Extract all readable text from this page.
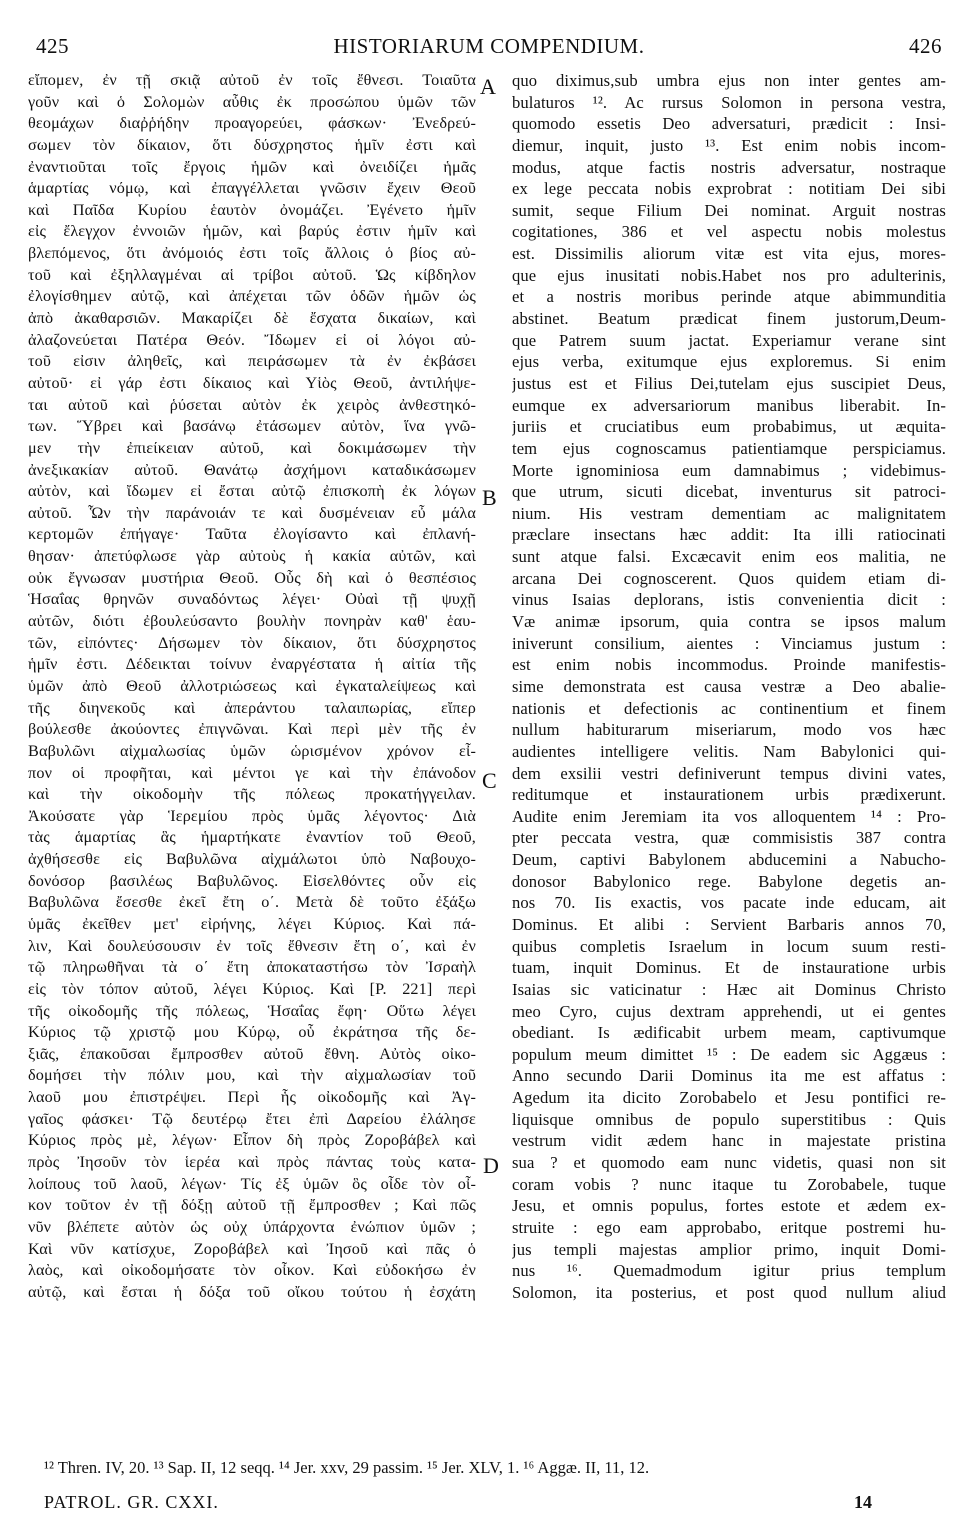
425	HISTORIARUM COMPENDIUM.	426
εἴπομεν, ἐν τῇ σκιᾷ αὐτοῦ ἐν τοῖς ἔθνεσι. Τοιαῦτα
γοῦν καὶ ὁ Σολομὼν αὖθις ἐκ προσώπου ὑμῶν τῶν
θεομάχων διαῤῥήδην προαγορεύει, φάσκων· Ἐνεδρεύ-
σωμεν τὸν δίκαιον, ὅτι δύσχρηστος ἡμῖν ἐστι καὶ
ἐναντιοῦται τοῖς ἔργοις ἡμῶν καὶ ὀνειδίζει ἡμᾶς
ἁμαρτίας νόμῳ, καὶ ἐπαγγέλλεται γνῶσιν ἔχειν Θεοῦ
καὶ Παῖδα Κυρίου ἑαυτὸν ὀνομάζει. Ἐγένετο ἡμῖν
εἰς ἔλεγχον ἐννοιῶν ἡμῶν, καὶ βαρύς ἐστιν ἡμῖν καὶ
βλεπόμενος, ὅτι ἀνόμοιός ἐστι τοῖς ἄλλοις ὁ βίος αὐ-
τοῦ καὶ ἐξηλλαγμέναι αἱ τρίβοι αὐτοῦ. Ὡς κίβδηλον
ἐλογίσθημεν αὐτῷ, καὶ ἀπέχεται τῶν ὁδῶν ἡμῶν ὡς
ἀπὸ ἀκαθαρσιῶν. Μακαρίζει δὲ ἔσχατα δικαίων, καὶ
ἀλαζονεύεται Πατέρα Θεόν. Ἴδωμεν εἰ οἱ λόγοι αὐ-
τοῦ εἰσιν ἀληθεῖς, καὶ πειράσωμεν τὰ ἐν ἐκβάσει
αὐτοῦ· εἰ γάρ ἐστι δίκαιος καὶ Υἱὸς Θεοῦ, ἀντιλήψε-
ται αὐτοῦ καὶ ῥύσεται αὐτὸν ἐκ χειρὸς ἀνθεστηκό-
των. Ὕβρει καὶ βασάνῳ ἐτάσωμεν αὐτὸν, ἵνα γνῶ-
μεν τὴν ἐπιείκειαν αὐτοῦ, καὶ δοκιμάσωμεν τὴν
ἀνεξικακίαν αὐτοῦ. Θανάτῳ ἀσχήμονι καταδικάσωμεν
αὐτὸν, καὶ ἴδωμεν εἰ ἔσται αὐτῷ ἐπισκοπὴ ἐκ λόγων
αὐτοῦ. Ὧν τὴν παράνοιάν τε καὶ δυσμένειαν εὖ μάλα
κερτομῶν ἐπήγαγε· Ταῦτα ἐλογίσαντο καὶ ἐπλανή-
θησαν· ἀπετύφλωσε γὰρ αὐτοὺς ἡ κακία αὐτῶν, καὶ
οὐκ ἔγνωσαν μυστήρια Θεοῦ. Οὗς δὴ καὶ ὁ θεσπέσιος
Ἡσαΐας θρηνῶν συναδόντως λέγει· Οὐαὶ τῇ ψυχῇ
αὐτῶν, διότι ἐβουλεύσαντο βουλὴν πονηρὰν καθ' ἑαυ-
τῶν, εἰπόντες· Δήσωμεν τὸν δίκαιον, ὅτι δύσχρηστος
ἡμῖν ἐστι. Δέδεικται τοίνυν ἐναργέστατα ἡ αἰτία τῆς
ὑμῶν ἀπὸ Θεοῦ ἀλλοτριώσεως καὶ ἐγκαταλείψεως καὶ
τῆς διηνεκοῦς καὶ ἀπεράντου ταλαιπωρίας, εἴπερ
βούλεσθε ἀκούοντες ἐπιγνῶναι. Καὶ περὶ μὲν τῆς ἐν
Βαβυλῶνι αἰχμαλωσίας ὑμῶν ὡρισμένον χρόνον εἶ-
πον οἱ προφῆται, καὶ μέντοι γε καὶ τὴν ἐπάνοδον
καὶ τὴν οἰκοδομὴν τῆς πόλεως προκατήγγειλαν.
Ἀκούσατε γὰρ Ἱερεμίου πρὸς ὑμᾶς λέγοντος· Διὰ
τὰς ἁμαρτίας ἃς ἡμαρτήκατε ἐναντίον τοῦ Θεοῦ,
ἀχθήσεσθε εἰς Βαβυλῶνα αἰχμάλωτοι ὑπὸ Ναβουχο-
δονόσορ βασιλέως Βαβυλῶνος. Εἰσελθόντες οὖν εἰς
Βαβυλῶνα ἔσεσθε ἐκεῖ ἔτη ο΄. Μετὰ δὲ τοῦτο ἐξάξω
ὑμᾶς ἐκεῖθεν μετ' εἰρήνης, λέγει Κύριος. Καὶ πά-
λιν, Καὶ δουλεύσουσιν ἐν τοῖς ἔθνεσιν ἔτη ο΄, καὶ ἐν
τῷ πληρωθῆναι τὰ ο΄ ἔτη ἀποκαταστήσω τὸν Ἰσραὴλ
εἰς τὸν τόπον αὐτοῦ, λέγει Κύριος. Καὶ [P. 221] περὶ
τῆς οἰκοδομῆς τῆς πόλεως, Ἡσαΐας ἔφη· Οὕτω λέγει
Κύριος τῷ χριστῷ μου Κύρῳ, οὗ ἐκράτησα τῆς δε-
ξιᾶς, ἐπακοῦσαι ἔμπροσθεν αὐτοῦ ἔθνη. Αὐτὸς οἰκο-
δομήσει τὴν πόλιν μου, καὶ τὴν αἰχμαλωσίαν τοῦ
λαοῦ μου ἐπιστρέψει. Περὶ ἧς οἰκοδομῆς καὶ Ἀγ-
γαῖος φάσκει· Τῷ δευτέρῳ ἔτει ἐπὶ Δαρείου ἐλάλησε
Κύριος πρὸς μὲ, λέγων· Εἶπον δὴ πρὸς Ζοροβάβελ καὶ
πρὸς Ἰησοῦν τὸν ἱερέα καὶ πρὸς πάντας τοὺς κατα-
λοίπους τοῦ λαοῦ, λέγων· Τίς ἐξ ὑμῶν ὃς οἶδε τὸν οἶ-
κον τοῦτον ἐν τῇ δόξῃ αὐτοῦ τῇ ἔμπροσθεν ; Καὶ πῶς
νῦν βλέπετε αὐτὸν ὡς οὐχ ὑπάρχοντα ἐνώπιον ὑμῶν ;
Καὶ νῦν κατίσχυε, Ζοροβάβελ καὶ Ἰησοῦ καὶ πᾶς ὁ
λαὸς, καὶ οἰκοδομήσατε τὸν οἶκον. Καὶ εὐδοκήσω ἐν
αὐτῷ, καὶ ἔσται ἡ δόξα τοῦ οἴκου τούτου ἡ ἐσχάτη
quo diximus,sub umbra ejus non inter gentes am-
bulaturos ¹². Ac rursus Solomon in persona vestra,
quomodo essetis Deo adversaturi, prædicit : Insi-
diemur, inquit, justo ¹³. Est enim nobis incom-
modus, atque factis nostris adversatur, nostraque
ex lege peccata nobis exprobrat : notitiam Dei sibi
sumit, seque Filium Dei nominat. Arguit nostras
cogitationes, 386 et vel aspectu nobis molestus
est. Dissimilis aliorum vitæ est vita ejus, mores-
que ejus inusitati nobis.Habet nos pro adulterinis,
et a nostris moribus perinde atque abimmunditia
abstinet. Beatum prædicat finem justorum,Deum-
que Patrem suum jactat. Experiamur verane sint
ejus verba, exitumque ejus exploremus. Si enim
justus est et Filius Dei,tutelam ejus suscipiet Deus,
eumque ex adversariorum manibus liberabit. In-
juriis et cruciatibus eum probabimus, ut æquita-
tem ejus cognoscamus patientiamque perspiciamus.
Morte ignominiosa eum damnabimus ; videbimus-
que utrum, sicuti dicebat, inventurus sit patroci-
nium. His vestram dementiam ac malignitatem
præclare insectans hæc addit: Ita illi ratiocinati
sunt atque falsi. Excæcavit enim eos malitia, ne
arcana Dei cognoscerent. Quos quidem etiam di-
vinus Isaias deplorans, istis convenientia dicit :
Væ animæ ipsorum, quia contra se ipsos malum
iniverunt consilium, aientes : Vinciamus justum :
est enim nobis incommodus. Proinde manifestis-
sime demonstrata est causa vestræ a Deo abalie-
nationis et defectionis ac continentium et finem
nullum habiturarum miseriarum, modo vos hæc
audientes intelligere velitis. Nam Babylonici qui-
dem exsilii vestri definiverunt tempus divini vates,
reditumque et instaurationem urbis prædixerunt.
Audite enim Jeremiam ita vos alloquentem ¹⁴ : Pro-
pter peccata vestra, quæ commisistis 387 contra
Deum, captivi Babylonem abducemini a Nabucho-
donosor Babylonico rege. Babylone degetis an-
nos 70. Iis exactis, vos pacate inde educam, ait
Dominus. Et alibi : Servient Barbaris annos 70,
quibus completis Israelum in locum suum resti-
tuam, inquit Dominus. Et de instauratione urbis
Isaias sic vaticinatur : Hæc ait Dominus Christo
meo Cyro, cujus dextram apprehendi, ut ei gentes
obediant. Is ædificabit urbem meam, captivumque
populum meum dimittet ¹⁵ : De eadem sic Aggæus :
Anno secundo Darii Dominus ita me est affatus :
Agedum ita dicito Zorobabelo et Jesu pontifici re-
liquisque omnibus de populo superstitibus : Quis
vestrum vidit ædem hanc in majestate pristina
sua ? et quomodo eam nunc videtis, quasi non sit
coram vobis ? nunc itaque tu Zorobabele, tuque
Jesu, et omnis populus, fortes estote et ædem ex-
struite : ego eam approbabo, eritque postremi hu-
jus templi majestas amplior primo, inquit Domi-
nus ¹⁶. Quemadmodum igitur prius templum
Solomon, ita posterius, et post quod nullum aliud
A
B
C
D
¹² Thren. IV, 20. ¹³ Sap. II, 12 seqq. ¹⁴ Jer. xxv, 29 passim. ¹⁵ Jer. XLV, 1. ¹⁶ Aggæ. II, 11, 12.
PATROL. GR. CXXI.	14
